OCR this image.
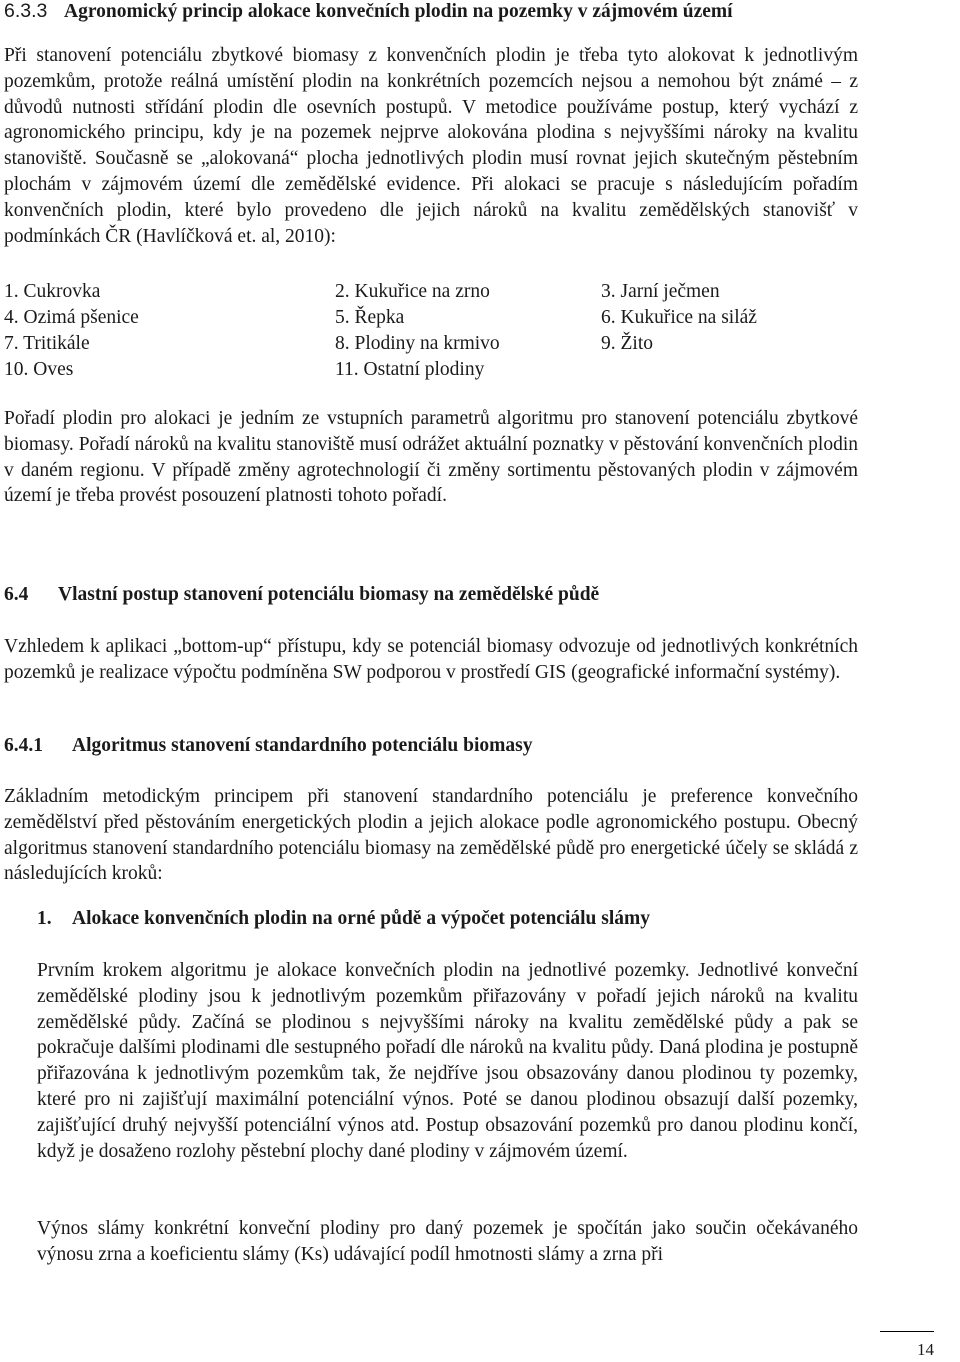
6.3.3 Agronomický princip alokace konvečních plodin na pozemky v zájmovém území

Při stanovení potenciálu zbytkové biomasy z konvenčních plodin je třeba tyto alokovat k jednotlivým pozemkům, protože reálná umístění plodin na konkrétních pozemcích nejsou a nemohou být známé – z důvodů nutnosti střídání plodin dle osevních postupů. V metodice používáme postup, který vychází z agronomického principu, kdy je na pozemek nejprve alokována plodina s nejvyššími nároky na kvalitu stanoviště. Současně se „alokovaná“ plocha jednotlivých plodin musí rovnat jejich skutečným pěstebním plochám v zájmovém území dle zemědělské evidence. Při alokaci se pracuje s následujícím pořadím konvenčních plodin, které bylo provedeno dle jejich nároků na kvalitu zemědělských stanovišť v podmínkách ČR (Havlíčková et. al, 2010):

1. Cukrovka	2. Kukuřice na zrno	3. Jarní ječmen
4. Ozimá pšenice	5. Řepka	6. Kukuřice na siláž
7. Tritikále	8. Plodiny na krmivo	9. Žito
10. Oves	11. Ostatní plodiny

Pořadí plodin pro alokaci je jedním ze vstupních parametrů algoritmu pro stanovení potenciálu zbytkové biomasy. Pořadí nároků na kvalitu stanoviště musí odrážet aktuální poznatky v pěstování konvenčních plodin v daném regionu. V případě změny agrotechnologií či změny sortimentu pěstovaných plodin v zájmovém území je třeba provést posouzení platnosti tohoto pořadí.

6.4 Vlastní postup stanovení potenciálu biomasy na zemědělské půdě

Vzhledem k aplikaci „bottom-up“ přístupu, kdy se potenciál biomasy odvozuje od jednotlivých konkrétních pozemků je realizace výpočtu podmíněna SW podporou v prostředí GIS (geografické informační systémy).

6.4.1 Algoritmus stanovení standardního potenciálu biomasy

Základním metodickým principem při stanovení standardního potenciálu je preference konvečního zemědělství před pěstováním energetických plodin a jejich alokace podle agronomického postupu. Obecný algoritmus stanovení standardního potenciálu biomasy na zemědělské půdě pro energetické účely se skládá z následujících kroků:

1. Alokace konvenčních plodin na orné půdě a výpočet potenciálu slámy

Prvním krokem algoritmu je alokace konvečních plodin na jednotlivé pozemky. Jednotlivé konveční zemědělské plodiny jsou k jednotlivým pozemkům přiřazovány v pořadí jejich nároků na kvalitu zemědělské půdy. Začíná se plodinou s nejvyššími nároky na kvalitu zemědělské půdy a pak se pokračuje dalšími plodinami dle sestupného pořadí dle nároků na kvalitu půdy. Daná plodina je postupně přiřazována k jednotlivým pozemkům tak, že nejdříve jsou obsazovány danou plodinou ty pozemky, které pro ni zajišťují maximální potenciální výnos. Poté se danou plodinou obsazují další pozemky, zajišťující druhý nejvyšší potenciální výnos atd. Postup obsazování pozemků pro danou plodinu končí, když je dosaženo rozlohy pěstební plochy dané plodiny v zájmovém území.

Výnos slámy konkrétní konveční plodiny pro daný pozemek je spočítán jako součin očekávaného výnosu zrna a koeficientu slámy (Ks) udávající podíl hmotnosti slámy a zrna při

14
